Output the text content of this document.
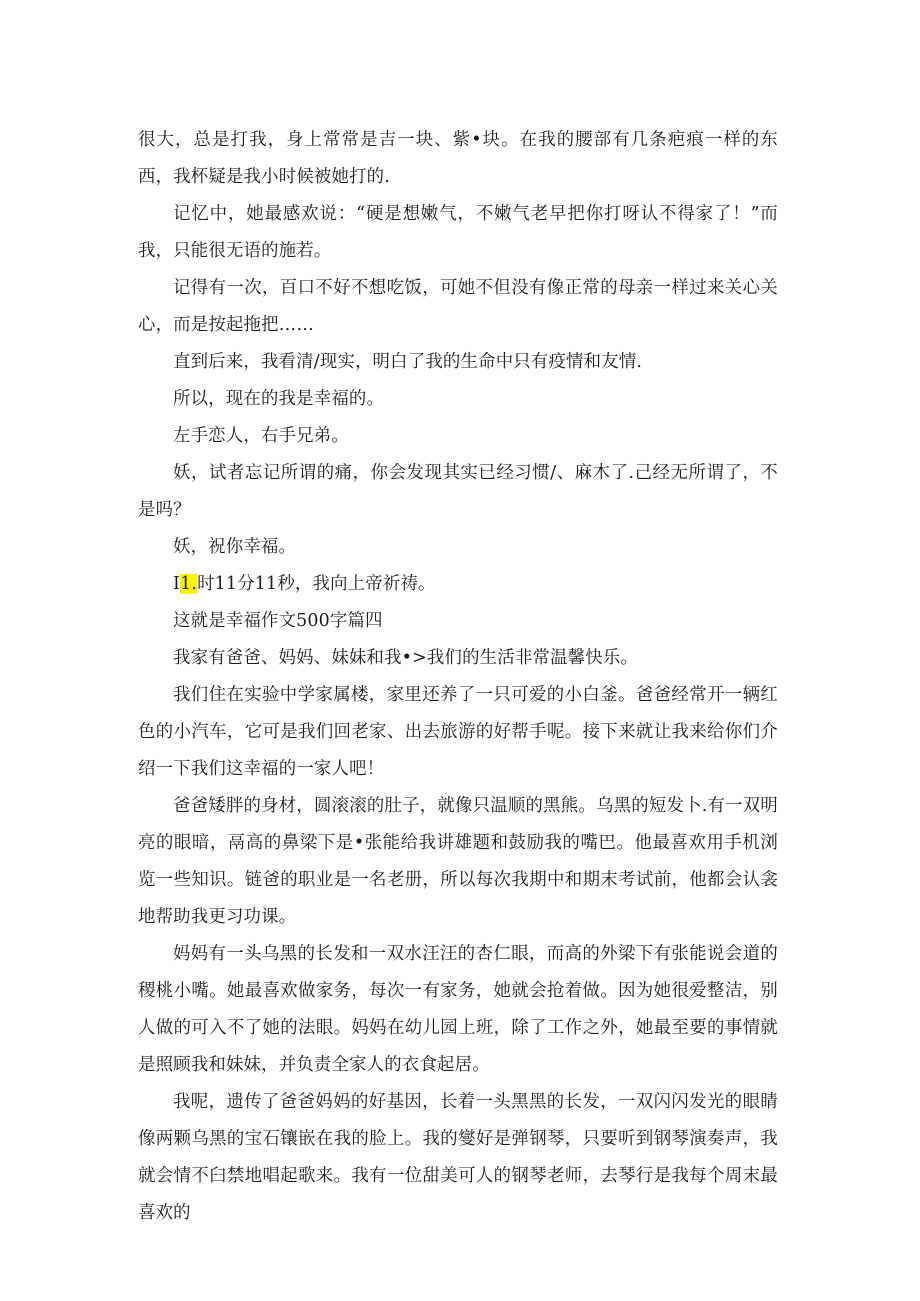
很大，总是打我，身上常常是吉一块、紫•块。在我的腰部有几条疤痕一样的东西，我杯疑是我小时候被她打的.

记忆中，她最感欢说：“硬是想嫩气，不嫩气老早把你打呀认不得家了！”而我，只能很无语的施若。

记得有一次，百口不好不想吃饭，可她不但没有像正常的母亲一样过来关心关心，而是按起拖把……

直到后来，我看清/现实，明白了我的生命中只有疫情和友情.

所以，现在的我是幸福的。

左手恋人，右手兄弟。

妖，试者忘记所谓的痛，你会发现其实已经习惯/、麻木了.己经无所谓了，不是吗？

妖，祝你幸福。

I1.时11分11秒，我向上帝祈祷。

这就是幸福作文500字篇四

我家有爸爸、妈妈、妹妹和我•>我们的生活非常温馨快乐。

我们住在实验中学家属楼，家里还养了一只可爱的小白釜。爸爸经常开一辆红色的小汽车，它可是我们回老家、出去旅游的好帮手呢。接下来就让我来给你们介绍一下我们这幸福的一家人吧！

爸爸矮胖的身材，圆滚滚的肚子，就像只温顺的黑熊。乌黑的短发卜.有一双明亮的眼暗，鬲高的鼻梁下是•张能给我讲雄题和鼓励我的嘴巴。他最喜欢用手机浏览一些知识。链爸的职业是一名老册，所以每次我期中和期末考试前，他都会认衾地帮助我更习功课。

妈妈有一头乌黑的长发和一双水汪汪的杏仁眼，而高的外梁下有张能说会道的稷桃小嘴。她最喜欢做家务，每次一有家务，她就会抢着做。因为她很爱整洁，别人做的可入不了她的法眼。妈妈在幼儿园上班，除了工作之外，她最至要的事情就是照顾我和妹妹，并负责全家人的衣食起居。

我呢，遗传了爸爸妈妈的好基因，长着一头黑黑的长发，一双闪闪发光的眼睛像两颗乌黑的宝石镶嵌在我的脸上。我的燮好是弹钢琴，只要听到钢琴演奏声，我就会情不臼禁地唱起歌来。我有一位甜美可人的钢琴老师，去琴行是我每个周末最喜欢的
